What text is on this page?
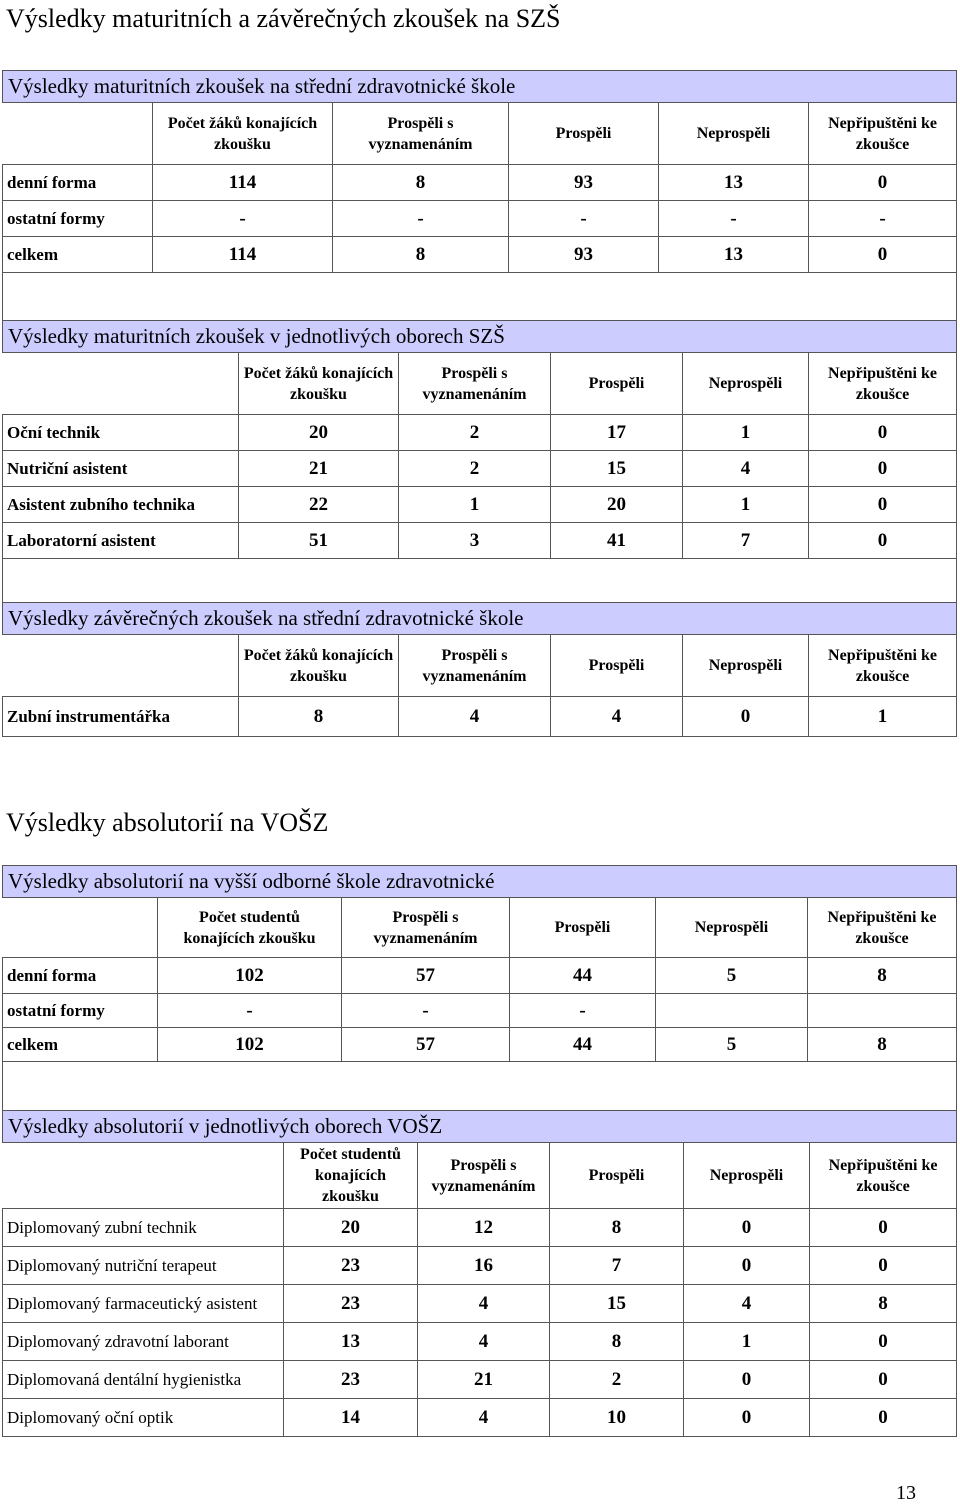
Výsledky maturitních a závěrečných zkoušek na SZŠ
Výsledky maturitních zkoušek na střední zdravotnické škole					
	Počet žáků konajících zkoušku	Prospěli s vyznamenáním	Prospěli	Neprospěli	Nepřipuštěni ke zkoušce
denní forma	114	8	93	13	0
ostatní formy	-	-	-	-	-
celkem	114	8	93	13	0

Výsledky maturitních zkoušek v jednotlivých oborech SZŠ					
	Počet žáků konajících zkoušku	Prospěli s vyznamenáním	Prospěli	Neprospěli	Nepřipuštěni ke zkoušce
Oční technik	20	2	17	1	0
Nutriční asistent	21	2	15	4	0
Asistent zubního technika	22	1	20	1	0
Laboratorní asistent	51	3	41	7	0

Výsledky závěrečných zkoušek na střední zdravotnické škole					
	Počet žáků konajících zkoušku	Prospěli s vyznamenáním	Prospěli	Neprospěli	Nepřipuštěni ke zkoušce
Zubní instrumentářka	8	4	4	0	1
Výsledky absolutorií na VOŠZ
Výsledky absolutorií na vyšší odborné škole zdravotnické					
	Počet studentů konajících zkoušku	Prospěli s vyznamenáním	Prospěli	Neprospěli	Nepřipuštěni ke zkoušce
denní forma	102	57	44	5	8
ostatní formy	-	-	-		
celkem	102	57	44	5	8

Výsledky absolutorií v jednotlivých oborech VOŠZ					
	Počet studentů konajících zkoušku	Prospěli s vyznamenáním	Prospěli	Neprospěli	Nepřipuštěni ke zkoušce
Diplomovaný zubní technik	20	12	8	0	0
Diplomovaný nutriční terapeut	23	16	7	0	0
Diplomovaný farmaceutický asistent	23	4	15	4	8
Diplomovaný zdravotní laborant	13	4	8	1	0
Diplomovaná dentální hygienistka	23	21	2	0	0
Diplomovaný oční optik	14	4	10	0	0
13
